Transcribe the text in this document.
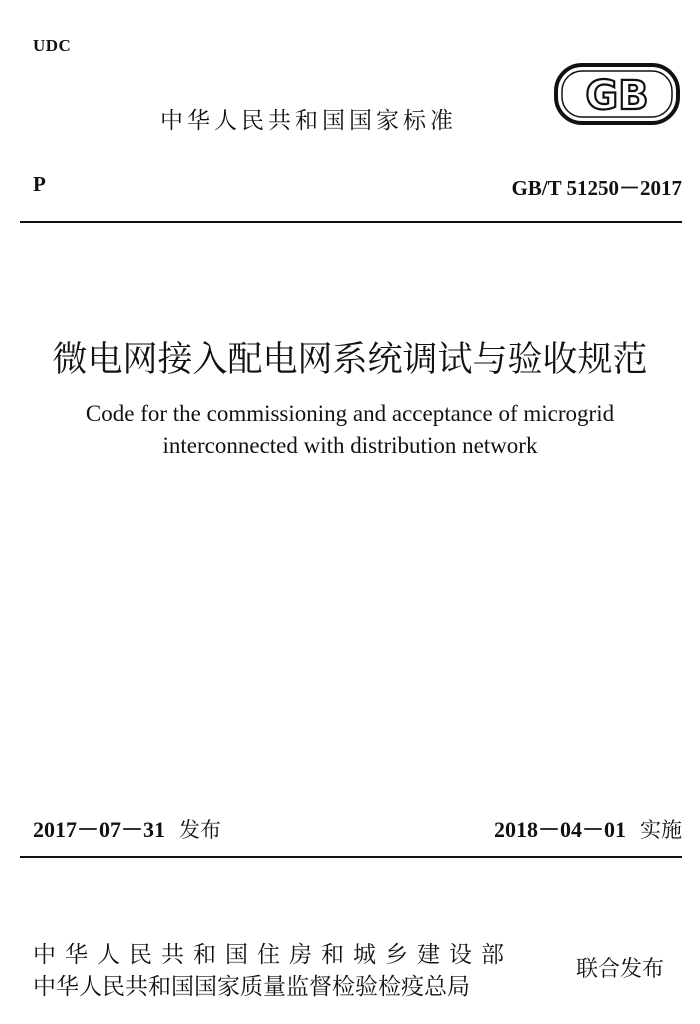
UDC
中华人民共和国国家标准
GB
P	GB/T 51250－2017
微电网接入配电网系统调试与验收规范
Code for the commissioning and acceptance of microgrid
interconnected with distribution network
2017－07－31 发布	2018－04－01 实施
中华人民共和国住房和城乡建设部
中华人民共和国国家质量监督检验检疫总局
联合发布
